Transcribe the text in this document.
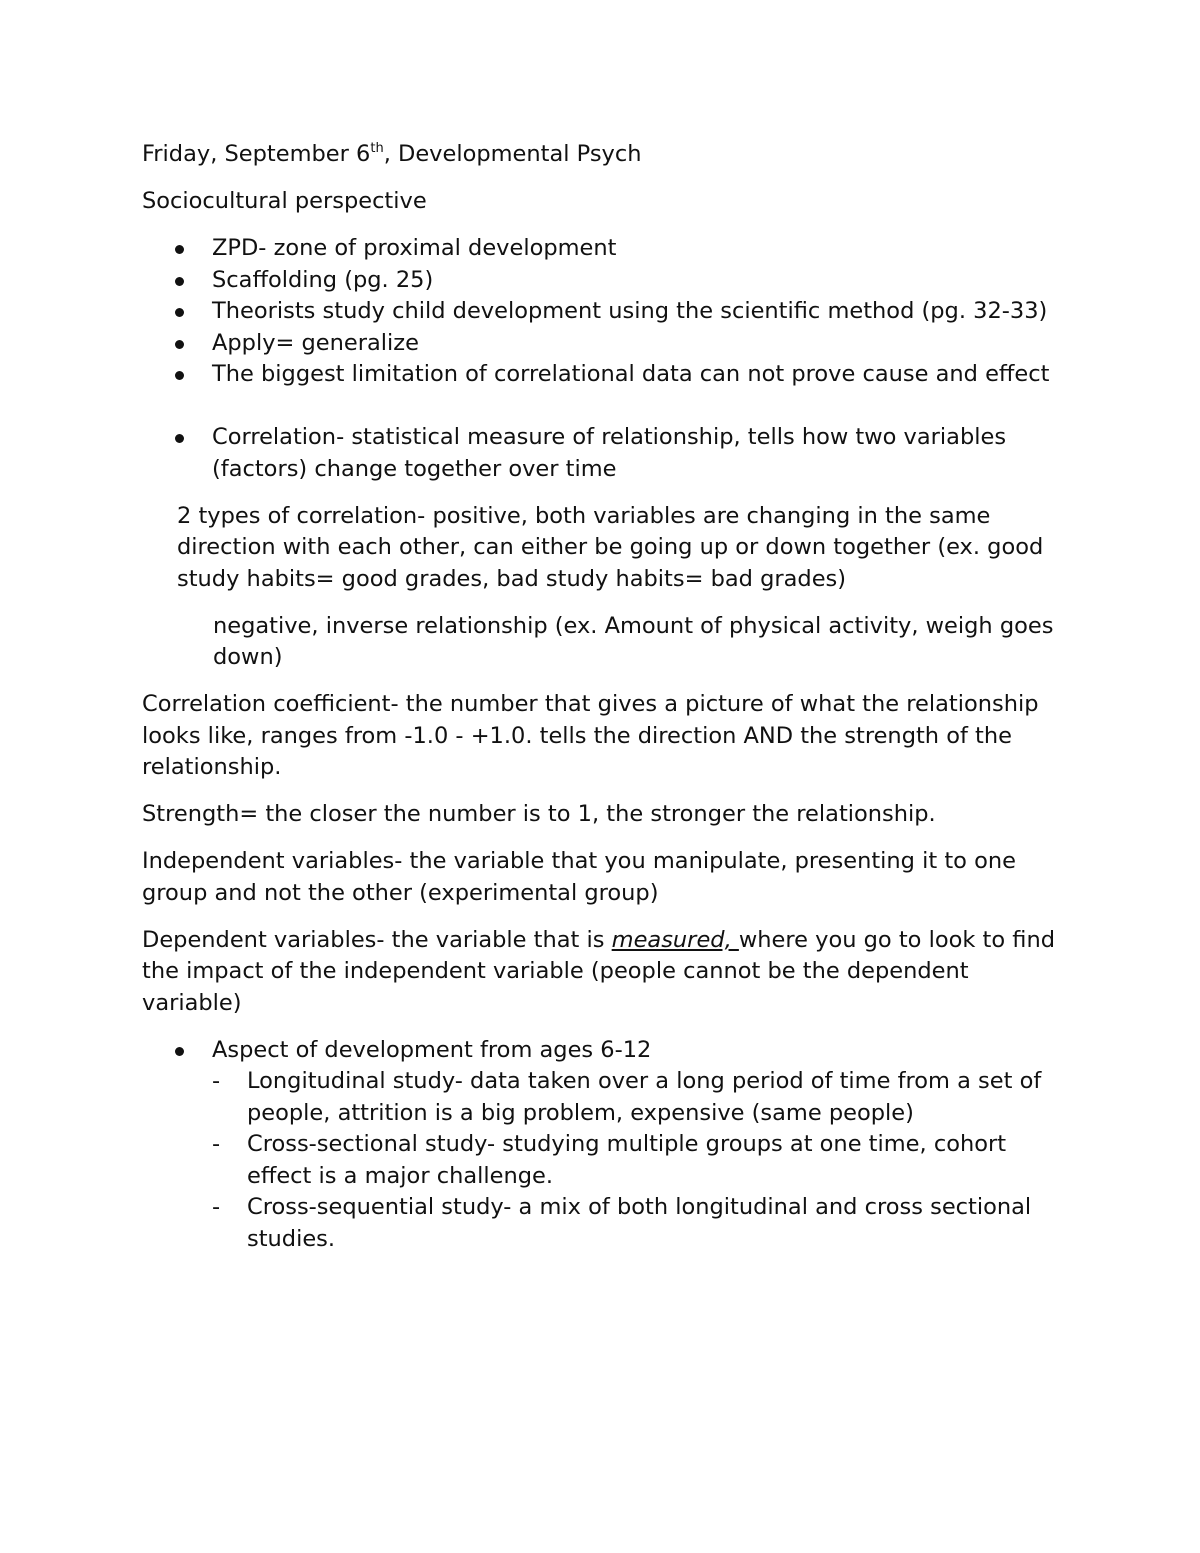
Friday, September 6th, Developmental Psych

Sociocultural perspective

ZPD- zone of proximal development
Scaffolding (pg. 25)
Theorists study child development using the scientific method (pg. 32-33)
Apply= generalize
The biggest limitation of correlational data can not prove cause and effect
Correlation- statistical measure of relationship, tells how two variables (factors) change together over time

2 types of correlation- positive, both variables are changing in the same direction with each other, can either be going up or down together (ex. good study habits= good grades, bad study habits= bad grades)

negative, inverse relationship (ex. Amount of physical activity, weigh goes down)

Correlation coefficient- the number that gives a picture of what the relationship looks like, ranges from -1.0 - +1.0. tells the direction AND the strength of the relationship.

Strength= the closer the number is to 1, the stronger the relationship.

Independent variables- the variable that you manipulate, presenting it to one group and not the other (experimental group)

Dependent variables- the variable that is measured, where you go to look to find the impact of the independent variable (people cannot be the dependent variable)

Aspect of development from ages 6-12
- Longitudinal study- data taken over a long period of time from a set of people, attrition is a big problem, expensive (same people)
- Cross-sectional study- studying multiple groups at one time, cohort effect is a major challenge.
- Cross-sequential study- a mix of both longitudinal and cross sectional studies.
